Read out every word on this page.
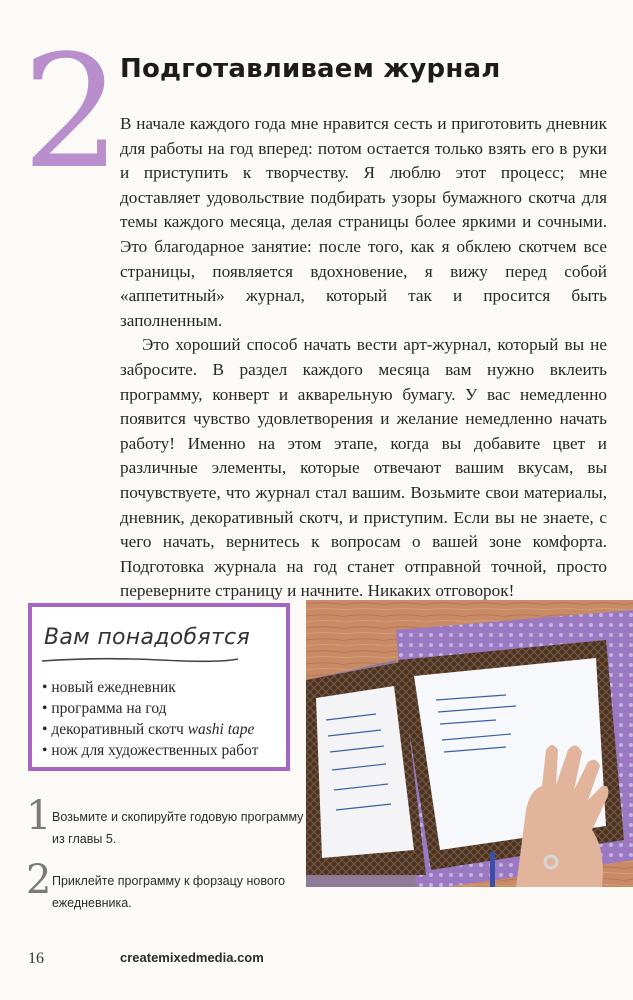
2
Подготавливаем журнал

В начале каждого года мне нравится сесть и приготовить дневник для работы на год вперед: потом остается только взять его в руки и приступить к творчеству. Я люблю этот процесс; мне доставляет удовольствие подбирать узоры бумажного скотча для темы каждого месяца, делая страницы более яркими и сочными. Это благодарное занятие: после того, как я обклею скотчем все страницы, появляется вдохновение, я вижу перед собой «аппетитный» журнал, который так и просится быть заполненным.

Это хороший способ начать вести арт-журнал, который вы не забросите. В раздел каждого месяца вам нужно вклеить программу, конверт и акварельную бумагу. У вас немедленно появится чувство удовлетворения и желание немедленно начать работу! Именно на этом этапе, когда вы добавите цвет и различные элементы, которые отвечают вашим вкусам, вы почувствуете, что журнал стал вашим. Возьмите свои материалы, дневник, декоративный скотч, и приступим. Если вы не знаете, с чего начать, вернитесь к вопросам о вашей зоне комфорта. Подготовка журнала на год станет отправной точной, просто переверните страницу и начните. Никаких отговорок!

Вам понадобятся
• новый ежедневник
• программа на год
• декоративный скотч washi tape
• нож для художественных работ
1 Возьмите и скопируйте годовую программу из главы 5.
2 Приклейте программу к форзацу нового ежедневника.
16	createmixedmedia.com
